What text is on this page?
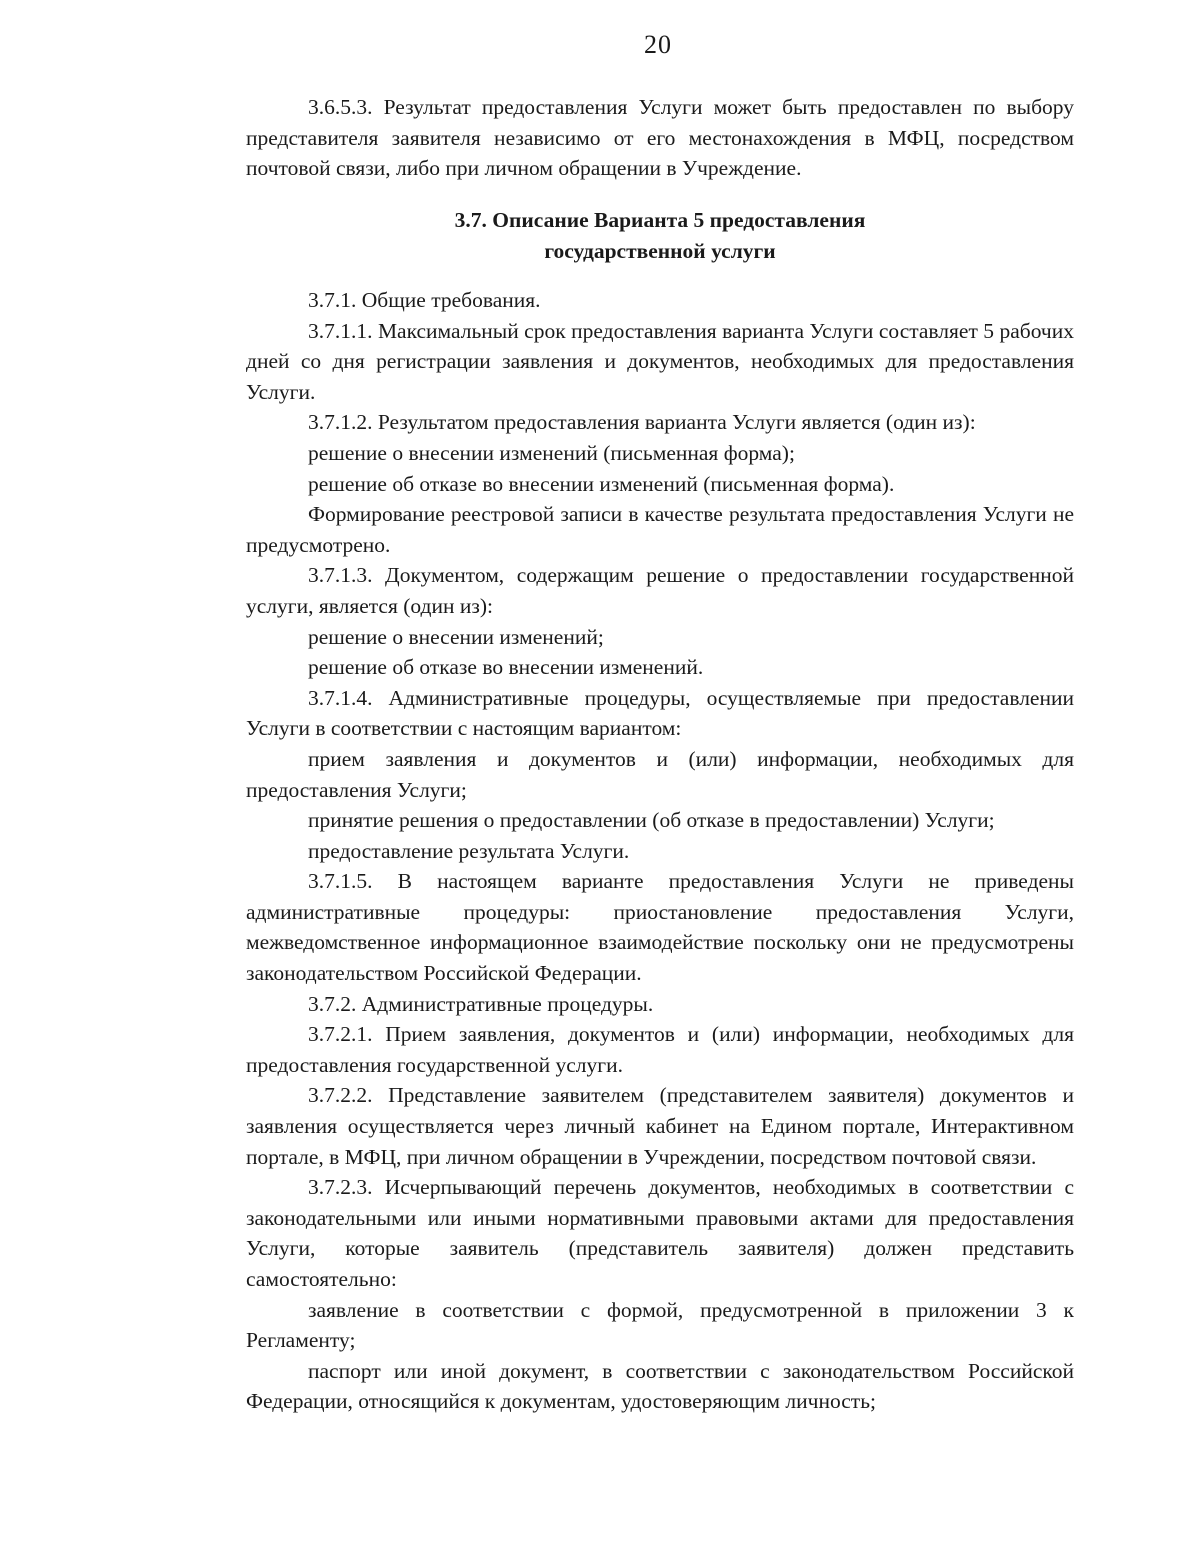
20

3.6.5.3. Результат предоставления Услуги может быть предоставлен по выбору представителя заявителя независимо от его местонахождения в МФЦ, посредством почтовой связи, либо при личном обращении в Учреждение.

3.7. Описание Варианта 5 предоставления
государственной услуги

3.7.1. Общие требования.

3.7.1.1. Максимальный срок предоставления варианта Услуги составляет 5 рабочих дней со дня регистрации заявления и документов, необходимых для предоставления Услуги.

3.7.1.2. Результатом предоставления варианта Услуги является (один из):

решение о внесении изменений (письменная форма);

решение об отказе во внесении изменений (письменная форма).

Формирование реестровой записи в качестве результата предоставления Услуги не предусмотрено.

3.7.1.3. Документом, содержащим решение о предоставлении государственной услуги, является (один из):

решение о внесении изменений;

решение об отказе во внесении изменений.

3.7.1.4. Административные процедуры, осуществляемые при предоставлении Услуги в соответствии с настоящим вариантом:

прием заявления и документов и (или) информации, необходимых для предоставления Услуги;

принятие решения о предоставлении (об отказе в предоставлении) Услуги;

предоставление результата Услуги.

3.7.1.5. В настоящем варианте предоставления Услуги не приведены административные процедуры: приостановление предоставления Услуги, межведомственное информационное взаимодействие поскольку они не предусмотрены законодательством Российской Федерации.

3.7.2. Административные процедуры.

3.7.2.1. Прием заявления, документов и (или) информации, необходимых для предоставления государственной услуги.

3.7.2.2. Представление заявителем (представителем заявителя) документов и заявления осуществляется через личный кабинет на Едином портале, Интерактивном портале, в МФЦ, при личном обращении в Учреждении, посредством почтовой связи.

3.7.2.3. Исчерпывающий перечень документов, необходимых в соответствии с законодательными или иными нормативными правовыми актами для предоставления Услуги, которые заявитель (представитель заявителя) должен представить самостоятельно:

заявление в соответствии с формой, предусмотренной в приложении 3 к Регламенту;

паспорт или иной документ, в соответствии с законодательством Российской Федерации, относящийся к документам, удостоверяющим личность;
